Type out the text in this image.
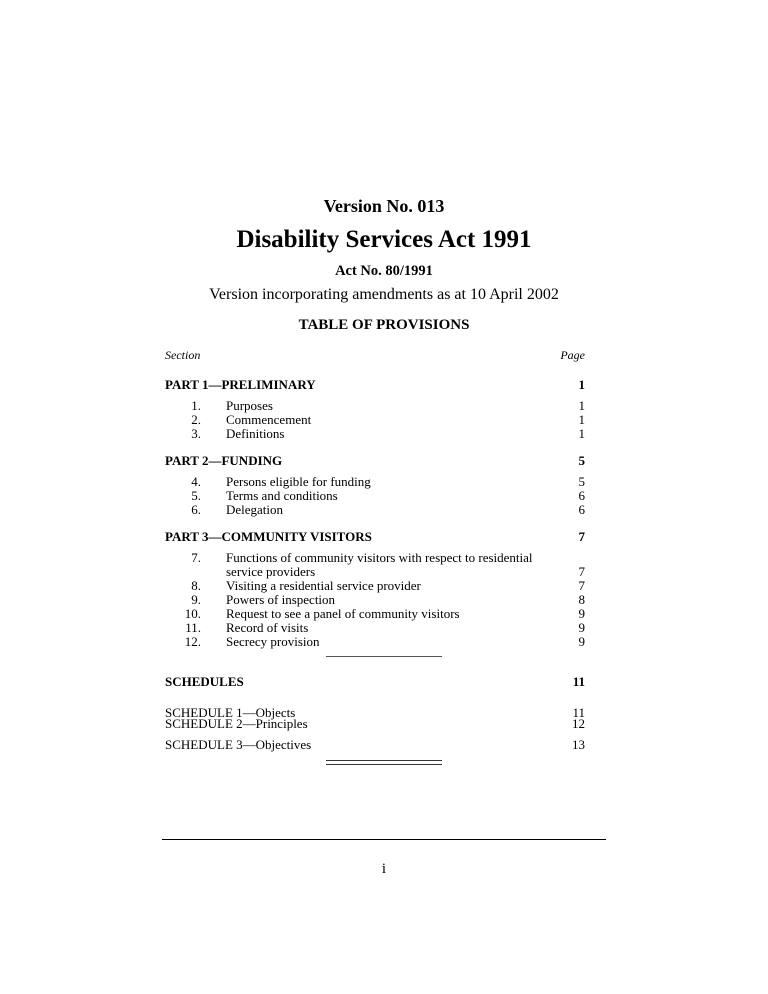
Version No. 013
Disability Services Act 1991
Act No. 80/1991
Version incorporating amendments as at 10 April 2002
TABLE OF PROVISIONS
Section	Page
PART 1—PRELIMINARY	1
1. Purposes	1
2. Commencement	1
3. Definitions	1
PART 2—FUNDING	5
4. Persons eligible for funding	5
5. Terms and conditions	6
6. Delegation	6
PART 3—COMMUNITY VISITORS	7
7. Functions of community visitors with respect to residential
service providers	7
8. Visiting a residential service provider	7
9. Powers of inspection	8
10. Request to see a panel of community visitors	9
11. Record of visits	9
12. Secrecy provision	9
SCHEDULES	11
SCHEDULE 1—Objects	11
SCHEDULE 2—Principles	12
SCHEDULE 3—Objectives	13
i
